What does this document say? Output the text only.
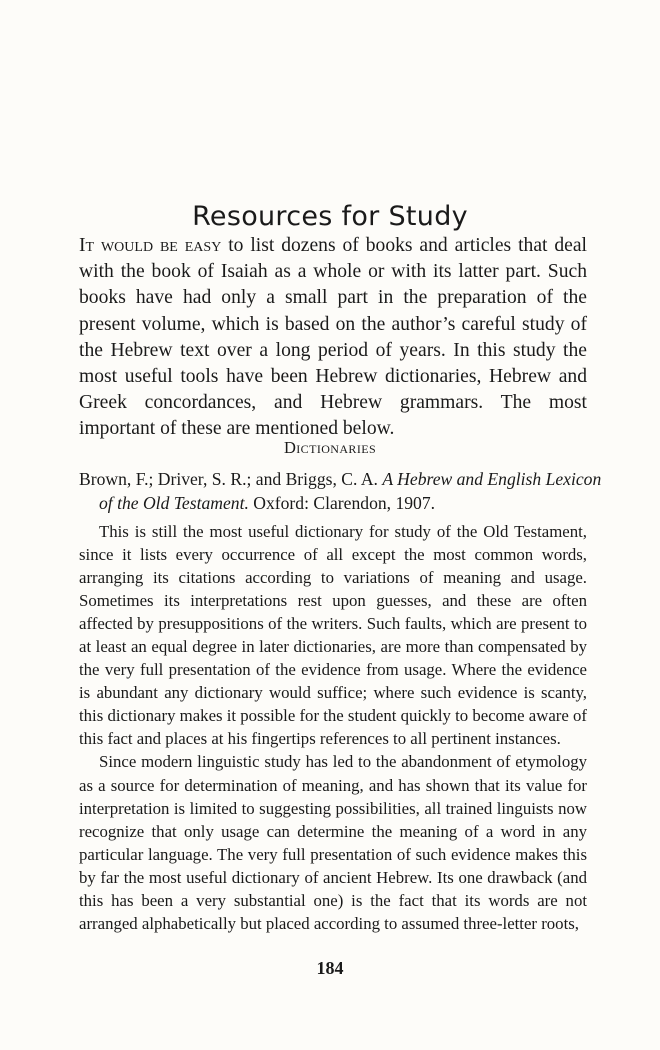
Resources for Study

It would be easy to list dozens of books and articles that deal with the book of Isaiah as a whole or with its latter part. Such books have had only a small part in the preparation of the present volume, which is based on the author’s careful study of the Hebrew text over a long period of years. In this study the most useful tools have been Hebrew dictionaries, Hebrew and Greek concordances, and Hebrew grammars. The most important of these are mentioned below.

Dictionaries

Brown, F.; Driver, S. R.; and Briggs, C. A. A Hebrew and English Lexicon of the Old Testament. Oxford: Clarendon, 1907.

This is still the most useful dictionary for study of the Old Testament, since it lists every occurrence of all except the most common words, arranging its citations according to variations of meaning and usage. Sometimes its interpretations rest upon guesses, and these are often affected by presuppositions of the writers. Such faults, which are present to at least an equal degree in later dictionaries, are more than compensated by the very full presentation of the evidence from usage. Where the evidence is abundant any dictionary would suffice; where such evidence is scanty, this dictionary makes it possible for the student quickly to become aware of this fact and places at his fingertips references to all pertinent instances.

Since modern linguistic study has led to the abandonment of etymology as a source for determination of meaning, and has shown that its value for interpretation is limited to suggesting possibilities, all trained linguists now recognize that only usage can determine the meaning of a word in any particular language. The very full presentation of such evidence makes this by far the most useful dictionary of ancient Hebrew. Its one drawback (and this has been a very substantial one) is the fact that its words are not arranged alphabetically but placed according to assumed three-letter roots,

184
